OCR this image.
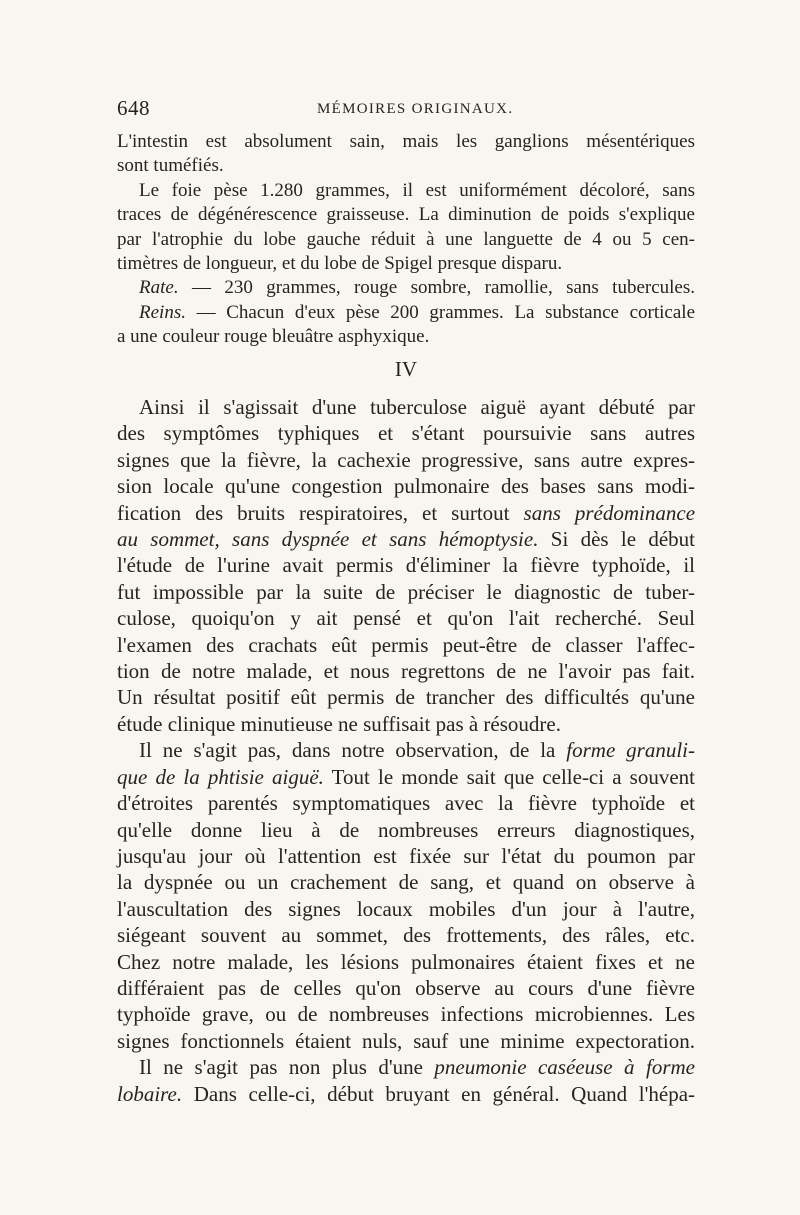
648	MÉMOIRES ORIGINAUX.
L'intestin est absolument sain, mais les ganglions mésentériques
sont tuméfiés.
Le foie pèse 1.280 grammes, il est uniformément décoloré, sans
traces de dégénérescence graisseuse. La diminution de poids s'explique
par l'atrophie du lobe gauche réduit à une languette de 4 ou 5 cen-
timètres de longueur, et du lobe de Spigel presque disparu.
Rate. — 230 grammes, rouge sombre, ramollie, sans tubercules.
Reins. — Chacun d'eux pèse 200 grammes. La substance corticale
a une couleur rouge bleuâtre asphyxique.
IV
Ainsi il s'agissait d'une tuberculose aiguë ayant débuté par
des symptômes typhiques et s'étant poursuivie sans autres
signes que la fièvre, la cachexie progressive, sans autre expres-
sion locale qu'une congestion pulmonaire des bases sans modi-
fication des bruits respiratoires, et surtout sans prédominance
au sommet, sans dyspnée et sans hémoptysie. Si dès le début
l'étude de l'urine avait permis d'éliminer la fièvre typhoïde, il
fut impossible par la suite de préciser le diagnostic de tuber-
culose, quoiqu'on y ait pensé et qu'on l'ait recherché. Seul
l'examen des crachats eût permis peut-être de classer l'affec-
tion de notre malade, et nous regrettons de ne l'avoir pas fait.
Un résultat positif eût permis de trancher des difficultés qu'une
étude clinique minutieuse ne suffisait pas à résoudre.
Il ne s'agit pas, dans notre observation, de la forme granuli-
que de la phtisie aiguë. Tout le monde sait que celle-ci a souvent
d'étroites parentés symptomatiques avec la fièvre typhoïde et
qu'elle donne lieu à de nombreuses erreurs diagnostiques,
jusqu'au jour où l'attention est fixée sur l'état du poumon par
la dyspnée ou un crachement de sang, et quand on observe à
l'auscultation des signes locaux mobiles d'un jour à l'autre,
siégeant souvent au sommet, des frottements, des râles, etc.
Chez notre malade, les lésions pulmonaires étaient fixes et ne
différaient pas de celles qu'on observe au cours d'une fièvre
typhoïde grave, ou de nombreuses infections microbiennes. Les
signes fonctionnels étaient nuls, sauf une minime expectoration.
Il ne s'agit pas non plus d'une pneumonie caséeuse à forme
lobaire. Dans celle-ci, début bruyant en général. Quand l'hépa-
